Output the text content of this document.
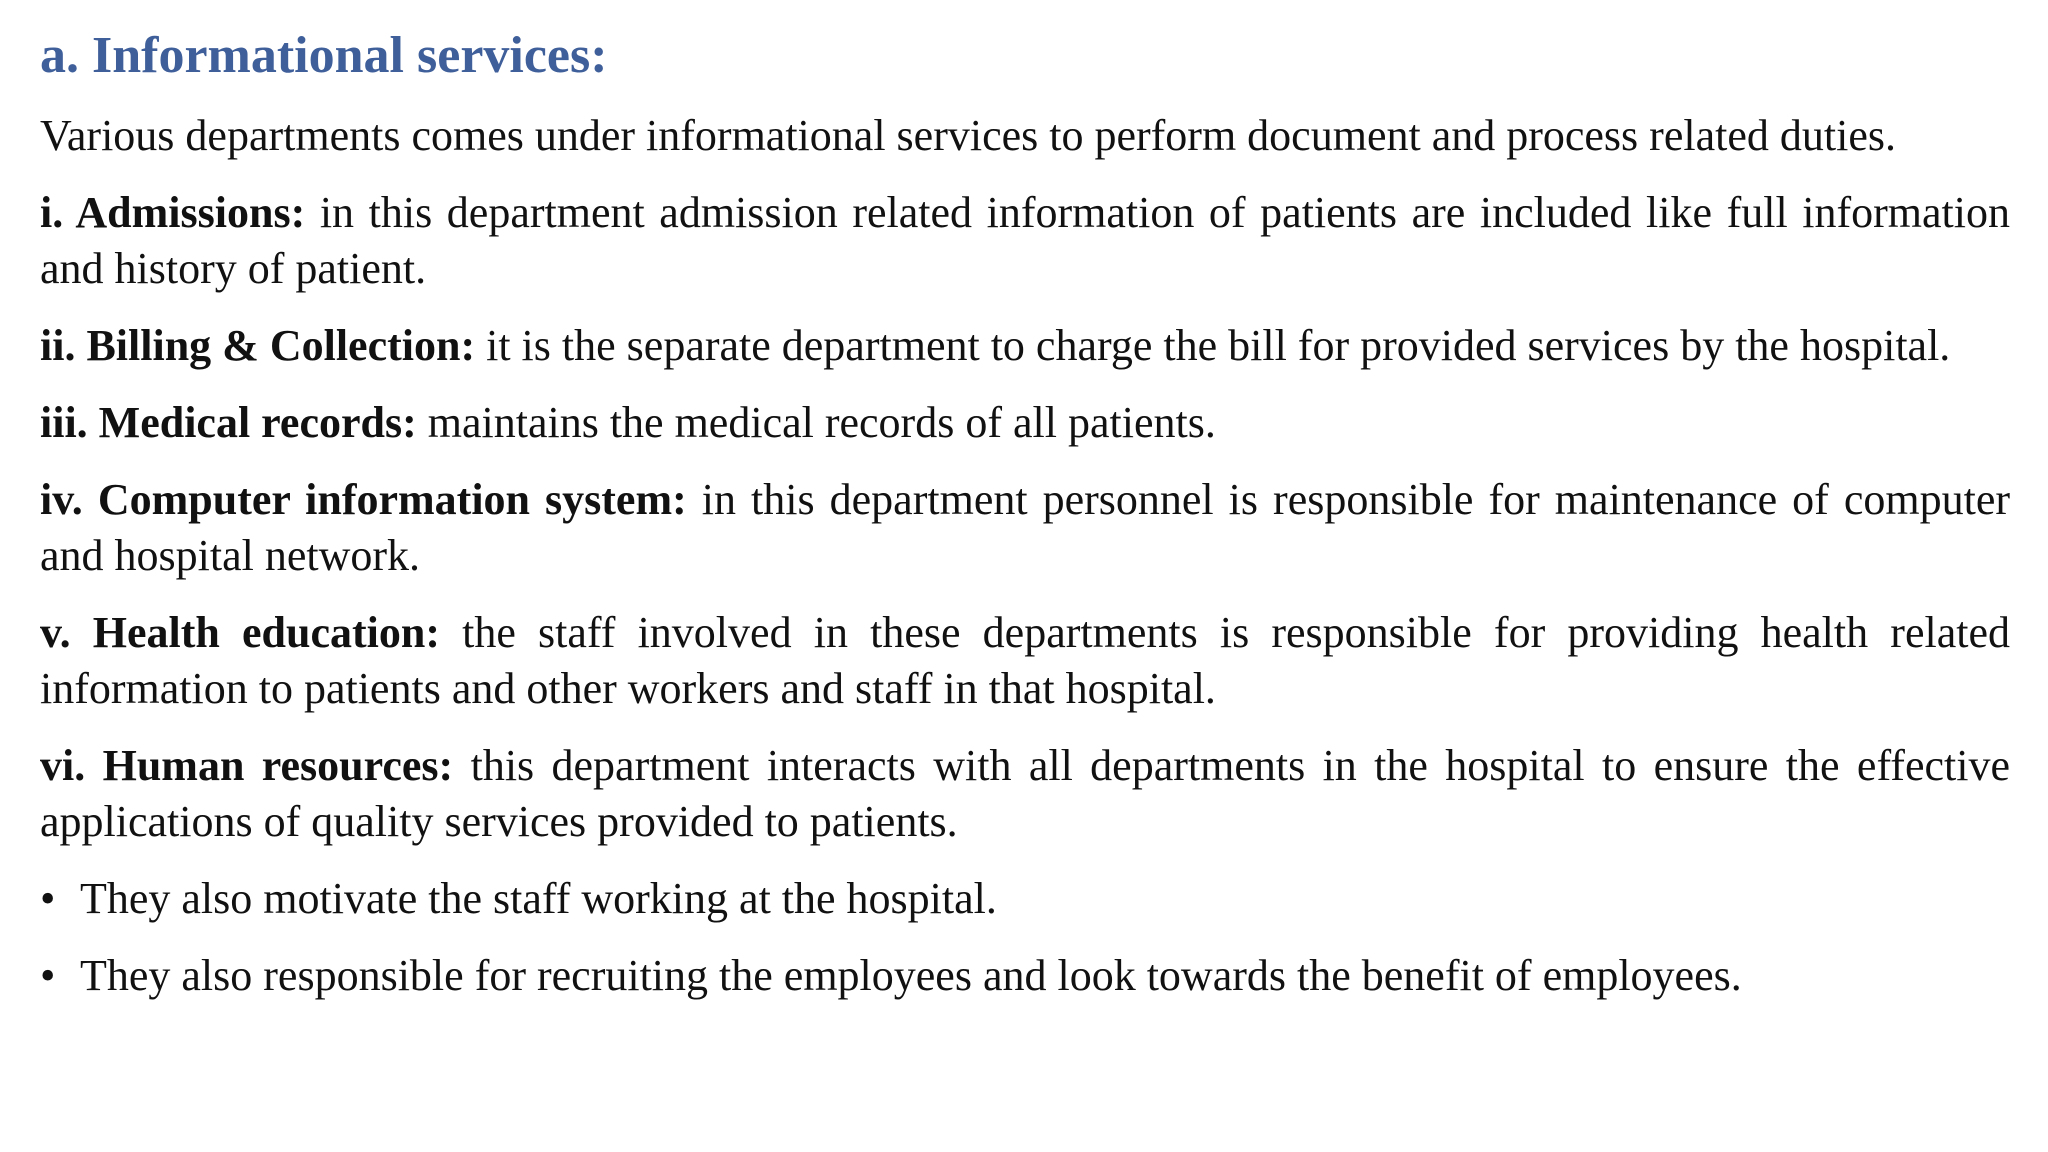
a. Informational services:

Various departments comes under informational services to perform document and process related duties.

i. Admissions: in this department admission related information of patients are included like full information and history of patient.

ii. Billing & Collection: it is the separate department to charge the bill for provided services by the hospital.

iii. Medical records: maintains the medical records of all patients.

iv. Computer information system: in this department personnel is responsible for maintenance of computer and hospital network.

v. Health education: the staff involved in these departments is responsible for providing health related information to patients and other workers and staff in that hospital.

vi. Human resources: this department interacts with all departments in the hospital to ensure the effective applications of quality services provided to patients.

• They also motivate the staff working at the hospital.
• They also responsible for recruiting the employees and look towards the benefit of employees.
